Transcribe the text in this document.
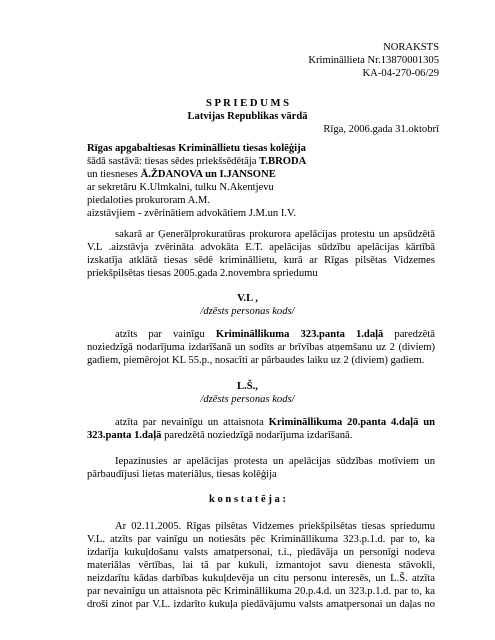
NORAKSTS
Krimināllieta Nr.13870001305
KA-04-270-06/29
S P R I E D U M S
Latvijas Republikas vārdā
Rīga, 2006.gada 31.oktobrī
Rīgas apgabaltiesas Krimināllietu tiesas kolēģija
šādā sastāvā: tiesas sēdes priekšsēdētāja T.BRODA
un tiesneses Ā.ŽDANOVA un I.JANSONE
ar sekretāru K.Ulmkalni, tulku N.Akentjevu
piedaloties prokuroram A.M.
aizstāvjiem - zvērinātiem advokātiem J.M.un I.V.
sakarā ar Ģenerālprokuratūras prokurora apelācijas protestu un apsūdzētā
V.L .aizstāvja zvērināta advokāta E.T. apelācijas sūdzību apelācijas kārtībā
izskatīja atklātā tiesas sēdē krimināllietu, kurā ar Rīgas pilsētas Vidzemes
priekšpilsētas tiesas 2005.gada 2.novembra spriedumu
V.L ,
/dzēsts personas kods/
atzīts par vainīgu Krimināllikuma 323.panta 1.daļā paredzētā
noziedzīgā nodarījuma izdarīšanā un sodīts ar brīvības atņemšanu uz 2 (diviem)
gadiem, piemērojot KL 55.p., nosacīti ar pārbaudes laiku uz 2 (diviem) gadiem.
L.Š.,
/dzēsts personas kods/
atzīta par nevainīgu un attaisnota Krimināllikuma 20.panta 4.daļā un
323.panta 1.daļā paredzētā noziedzīgā nodarījuma izdarīšanā.
Iepazinusies ar apelācijas protesta un apelācijas sūdzības motīviem un
pārbaudījusi lietas materiālus, tiesas kolēģija
k o n s t a t ē j a :
Ar 02.11.2005. Rīgas pilsētas Vidzemes priekšpilsētas tiesas spriedumu
V.L. atzīts par vainīgu un notiesāts pēc Krimināllikuma 323.p.1.d. par to, ka
izdarīja kukuļdošanu valsts amatpersonai, t.i., piedāvāja un personīgi nodeva
materiālas vērtības, lai tā par kukuli, izmantojot savu dienesta stāvokli,
neizdarītu kādas darbības kukuļdevēja un citu personu interesēs, un L.Š. atzīta
par nevainīgu un attaisnota pēc Krimināllikuma 20.p.4.d. un 323.p.1.d. par to, ka
droši zinot par V.L. izdarīto kukuļa piedāvājumu valsts amatpersonai un daļas no
